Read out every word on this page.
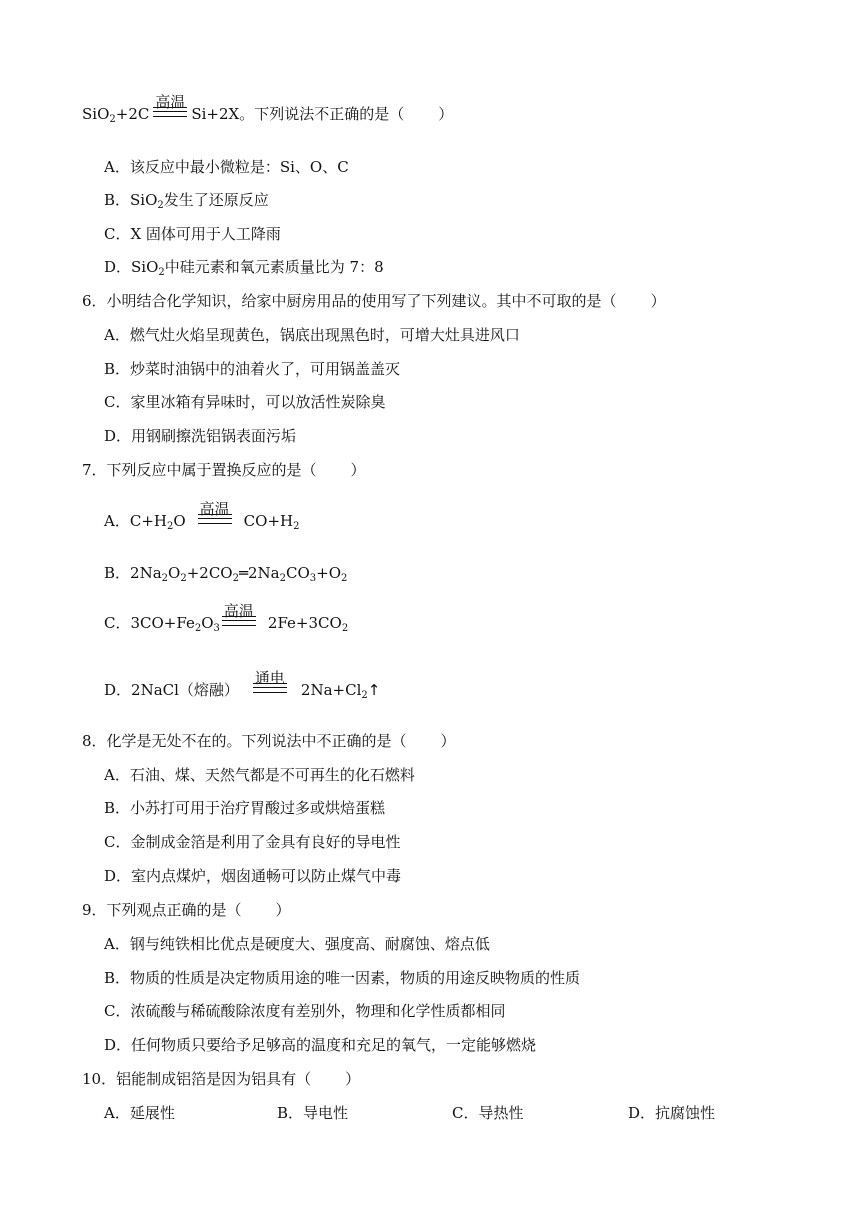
SiO$_2$+2C
高温
Si+2X。下列说法不正确的是（ ）
A．该反应中最小微粒是：Si、O、C
B．SiO$_2$发生了还原反应
C．X 固体可用于人工降雨
D．SiO$_2$中硅元素和氧元素质量比为 7：8
6．小明结合化学知识，给家中厨房用品的使用写了下列建议。其中不可取的是（ ）
A．燃气灶火焰呈现黄色，锅底出现黑色时，可增大灶具进风口
B．炒菜时油锅中的油着火了，可用锅盖盖灭
C．家里冰箱有异味时，可以放活性炭除臭
D．用钢刷擦洗铝锅表面污垢
7．下列反应中属于置换反应的是（ ）
A．$C+H_2O$
高温
$CO+H_2$
B．$2Na_2O_2+2CO_2═2Na_2CO_3+O_2$
C．$3CO+Fe_2O_3$
高温
$2Fe+3CO_2$
D．2NaCl（熔融）
通电
$2Na+Cl_2↑$
8．化学是无处不在的。下列说法中不正确的是（ ）
A．石油、煤、天然气都是不可再生的化石燃料
B．小苏打可用于治疗胃酸过多或烘焙蛋糕
C．金制成金箔是利用了金具有良好的导电性
D．室内点煤炉，烟囱通畅可以防止煤气中毒
9．下列观点正确的是（ ）
A．钢与纯铁相比优点是硬度大、强度高、耐腐蚀、熔点低
B．物质的性质是决定物质用途的唯一因素，物质的用途反映物质的性质
C．浓硫酸与稀硫酸除浓度有差别外，物理和化学性质都相同
D．任何物质只要给予足够高的温度和充足的氧气，一定能够燃烧
10．铝能制成铝箔是因为铝具有（ ）
A．延展性	B．导电性	C．导热性	D．抗腐蚀性
